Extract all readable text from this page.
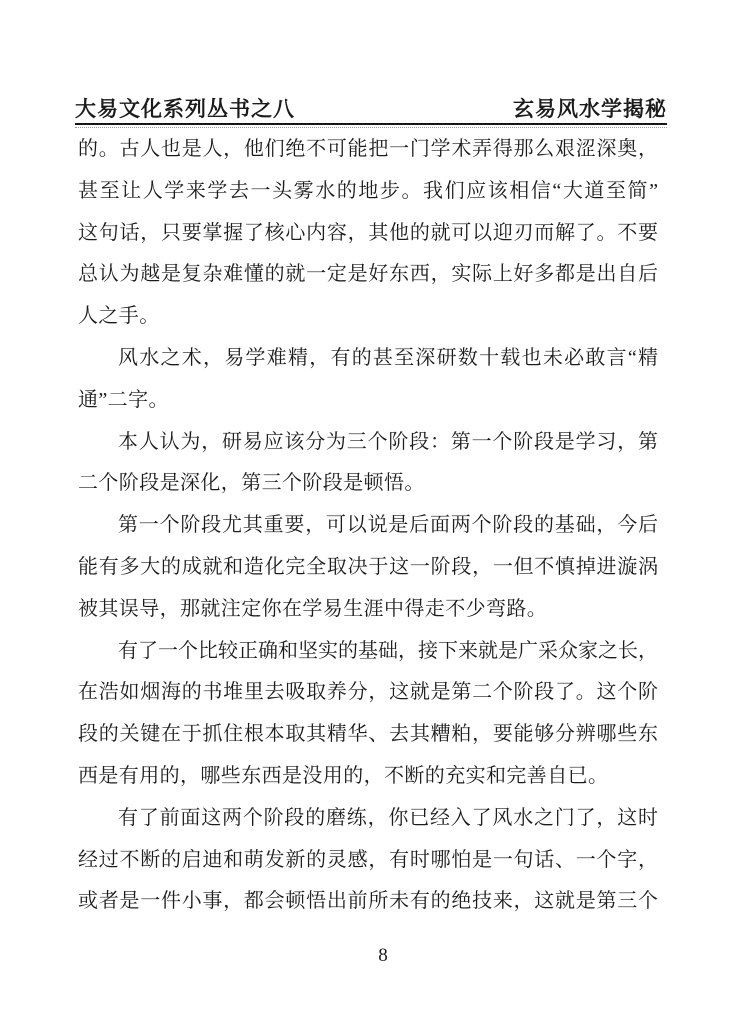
大易文化系列丛书之八	玄易风水学揭秘
的。古人也是人，他们绝不可能把一门学术弄得那么艰涩深奥，
甚至让人学来学去一头雾水的地步。我们应该相信“大道至简”
这句话，只要掌握了核心内容，其他的就可以迎刃而解了。不要
总认为越是复杂难懂的就一定是好东西，实际上好多都是出自后
人之手。
风水之术，易学难精，有的甚至深研数十载也未必敢言“精
通”二字。
本人认为，研易应该分为三个阶段：第一个阶段是学习，第
二个阶段是深化，第三个阶段是顿悟。
第一个阶段尤其重要，可以说是后面两个阶段的基础，今后
能有多大的成就和造化完全取决于这一阶段，一但不慎掉进漩涡
被其误导，那就注定你在学易生涯中得走不少弯路。
有了一个比较正确和坚实的基础，接下来就是广采众家之长，
在浩如烟海的书堆里去吸取养分，这就是第二个阶段了。这个阶
段的关键在于抓住根本取其精华、去其糟粕，要能够分辨哪些东
西是有用的，哪些东西是没用的，不断的充实和完善自已。
有了前面这两个阶段的磨练，你已经入了风水之门了，这时
经过不断的启迪和萌发新的灵感，有时哪怕是一句话、一个字，
或者是一件小事，都会顿悟出前所未有的绝技来，这就是第三个
8
